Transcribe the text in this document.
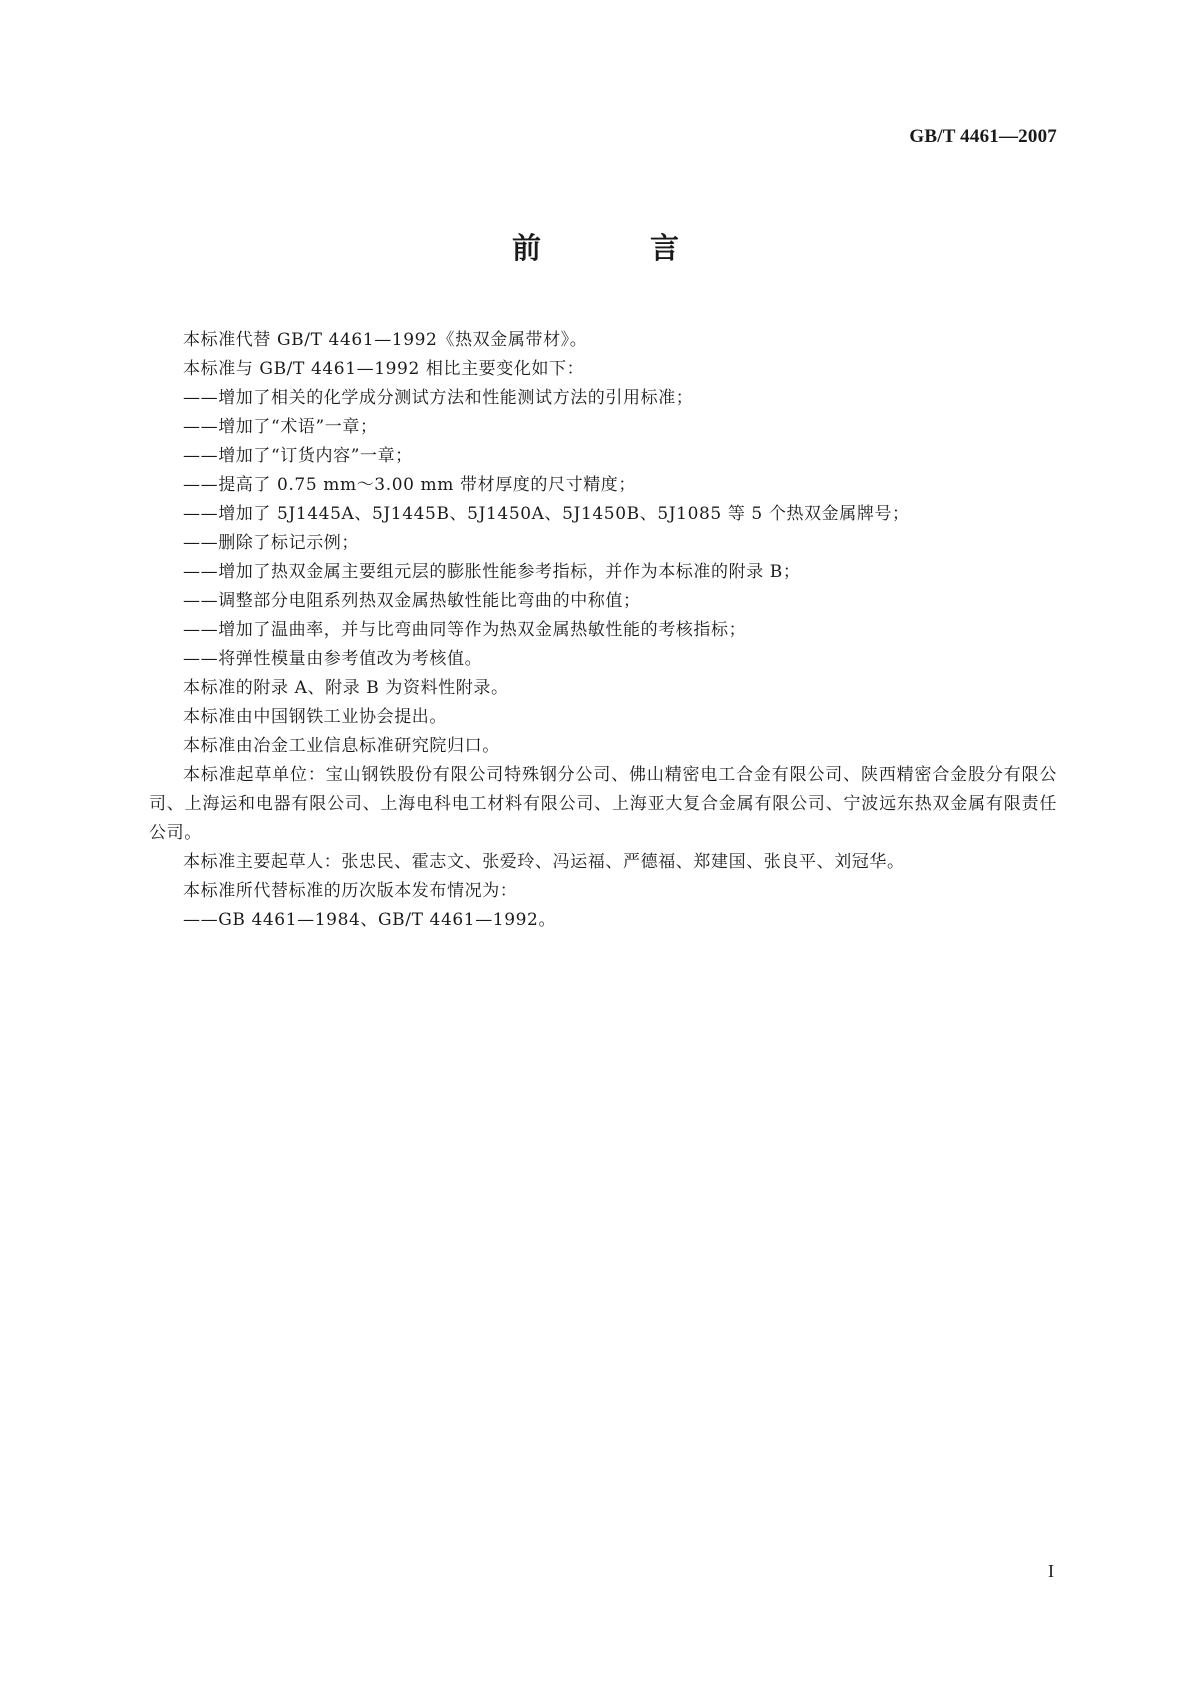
GB/T 4461—2007
前　言

本标准代替 GB/T 4461—1992《热双金属带材》。

本标准与 GB/T 4461—1992 相比主要变化如下：

——增加了相关的化学成分测试方法和性能测试方法的引用标准；

——增加了“术语”一章；

——增加了“订货内容”一章；

——提高了 0.75 mm～3.00 mm 带材厚度的尺寸精度；

——增加了 5J1445A、5J1445B、5J1450A、5J1450B、5J1085 等 5 个热双金属牌号；

——删除了标记示例；

——增加了热双金属主要组元层的膨胀性能参考指标，并作为本标准的附录 B；

——调整部分电阻系列热双金属热敏性能比弯曲的中称值；

——增加了温曲率，并与比弯曲同等作为热双金属热敏性能的考核指标；

——将弹性模量由参考值改为考核值。

本标准的附录 A、附录 B 为资料性附录。

本标准由中国钢铁工业协会提出。

本标准由冶金工业信息标准研究院归口。

本标准起草单位：宝山钢铁股份有限公司特殊钢分公司、佛山精密电工合金有限公司、陕西精密合金股分有限公司、上海运和电器有限公司、上海电科电工材料有限公司、上海亚大复合金属有限公司、宁波远东热双金属有限责任公司。

本标准主要起草人：张忠民、霍志文、张爱玲、冯运福、严德福、郑建国、张良平、刘冠华。

本标准所代替标准的历次版本发布情况为：

——GB 4461—1984、GB/T 4461—1992。

I
